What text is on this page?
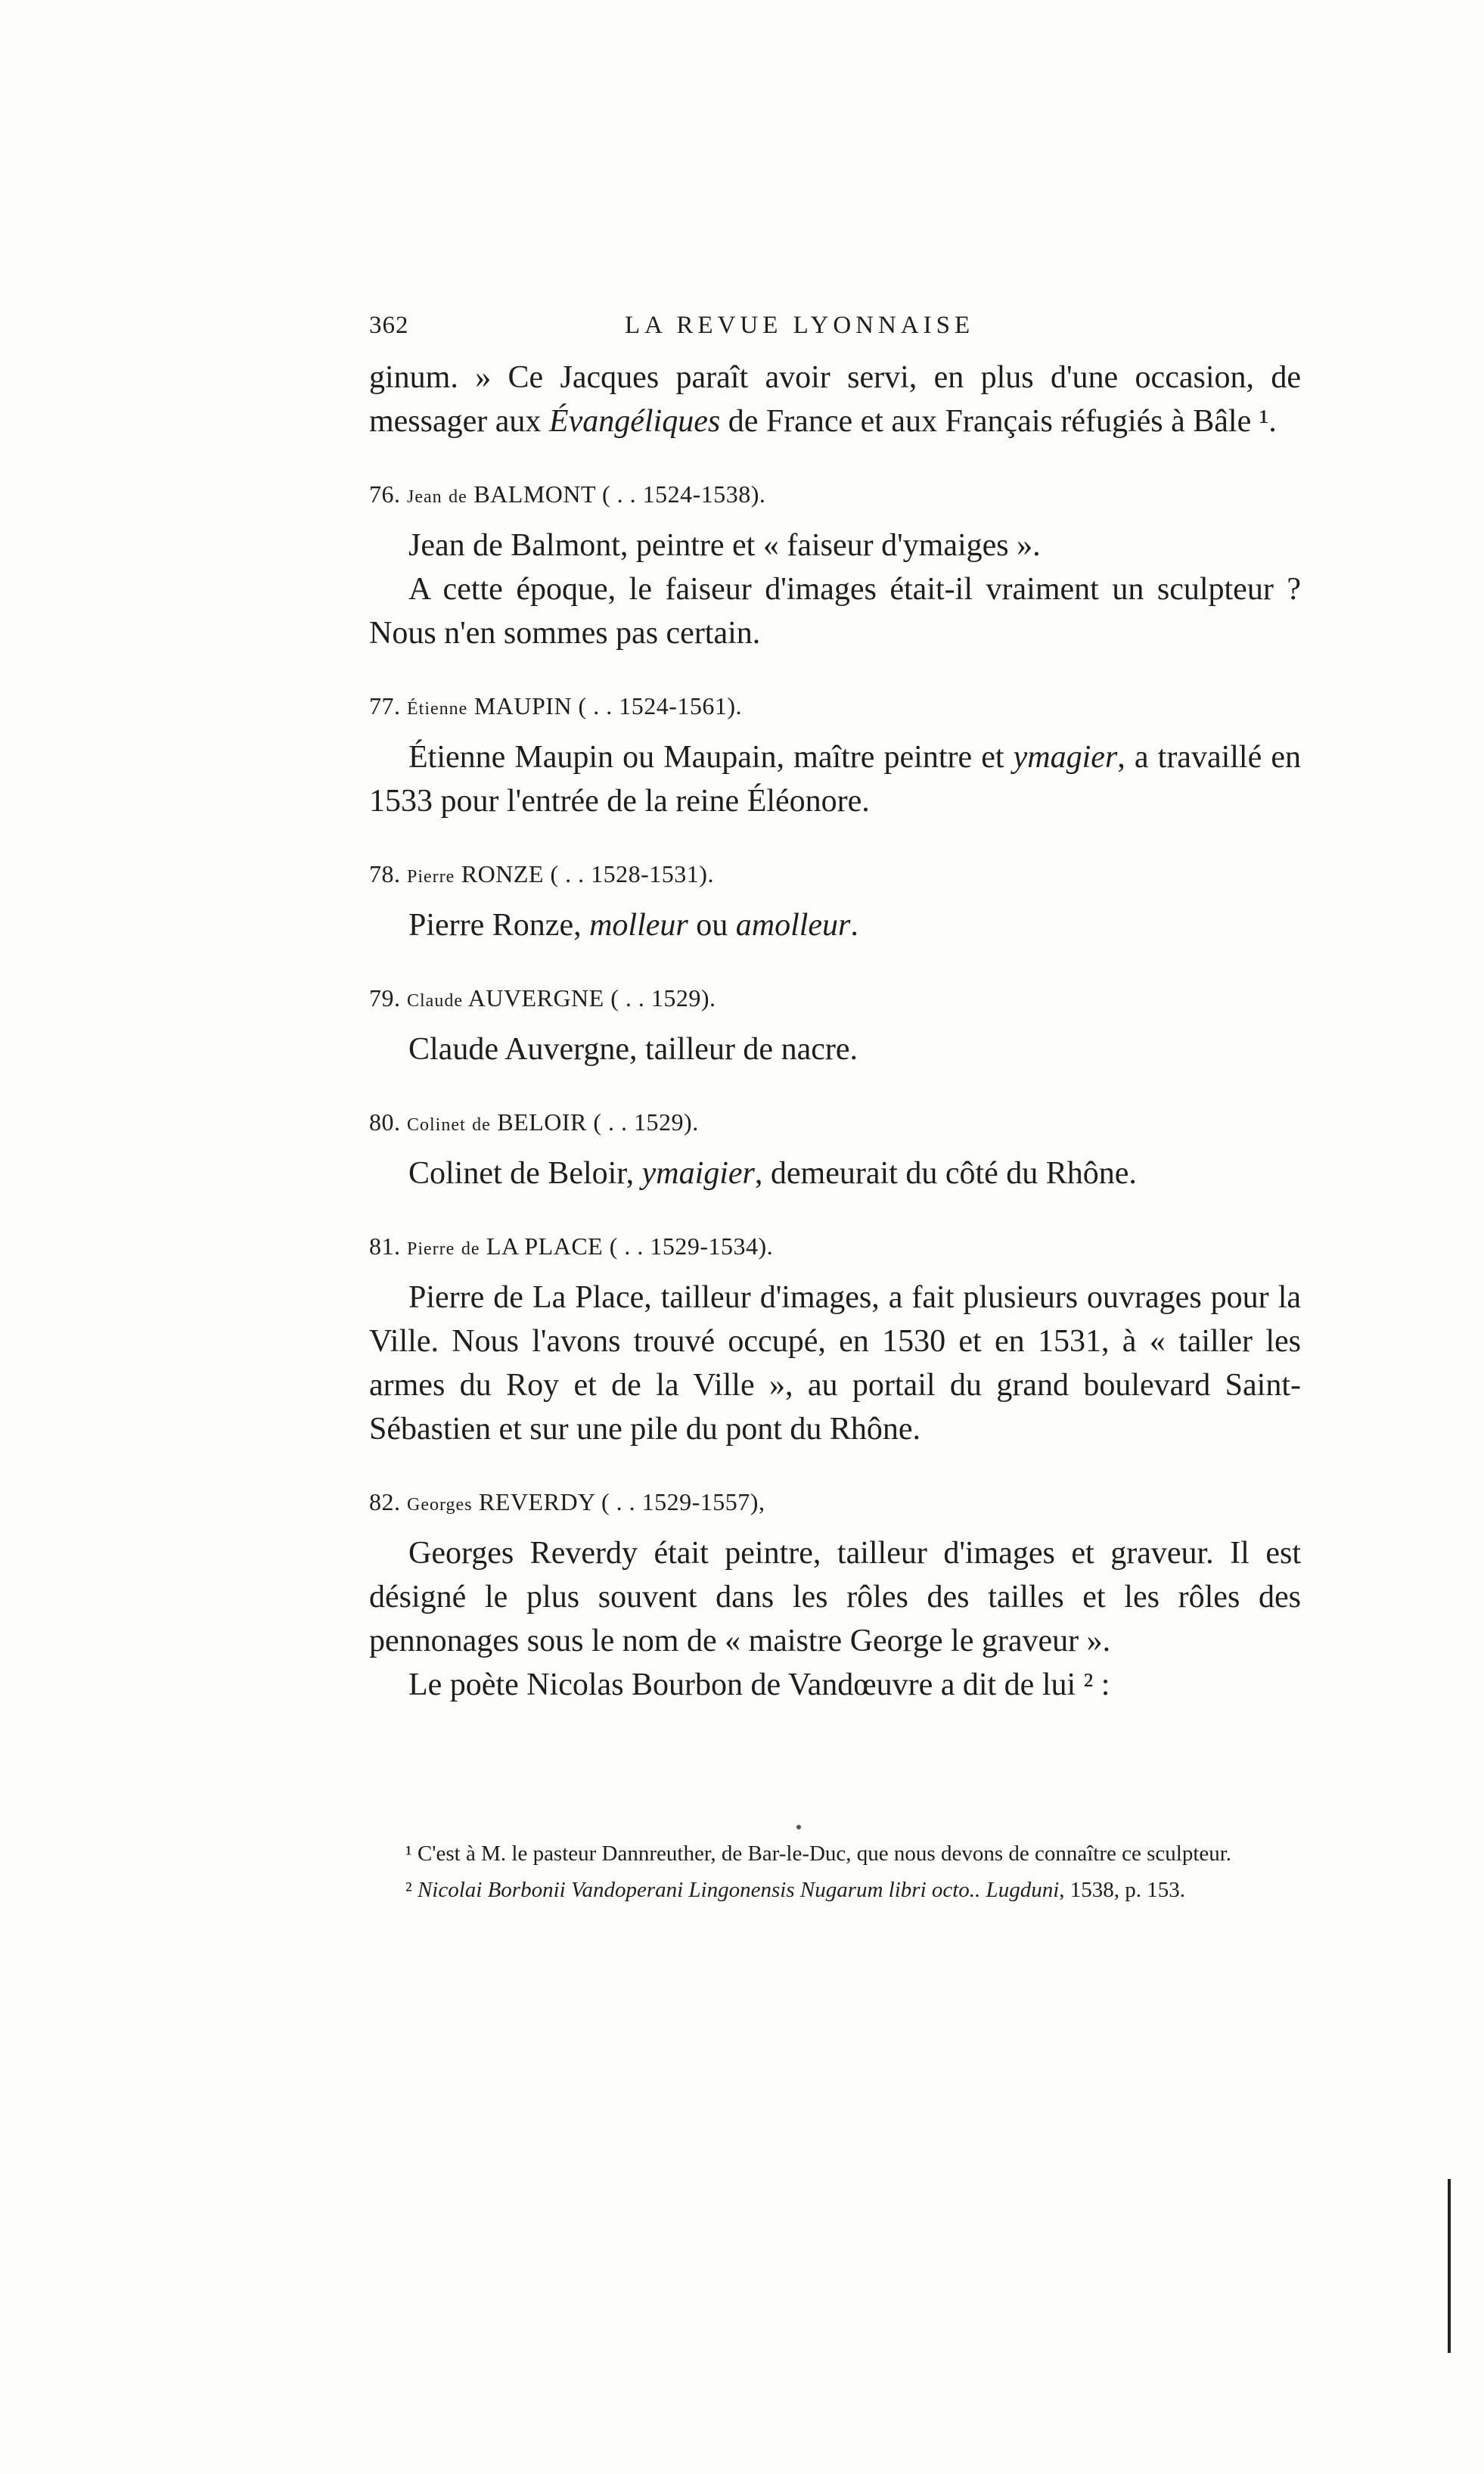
362	LA REVUE LYONNAISE

ginum. » Ce Jacques paraît avoir servi, en plus d'une occasion, de messager aux Évangéliques de France et aux Français réfugiés à Bâle ¹.

76. Jean de BALMONT ( . . 1524-1538).

Jean de Balmont, peintre et « faiseur d'ymaiges ».

A cette époque, le faiseur d'images était-il vraiment un sculpteur ? Nous n'en sommes pas certain.

77. Étienne MAUPIN ( . . 1524-1561).

Étienne Maupin ou Maupain, maître peintre et ymagier, a travaillé en 1533 pour l'entrée de la reine Éléonore.

78. Pierre RONZE ( . . 1528-1531).

Pierre Ronze, molleur ou amolleur.

79. Claude AUVERGNE ( . . 1529).

Claude Auvergne, tailleur de nacre.

80. Colinet de BELOIR ( . . 1529).

Colinet de Beloir, ymaigier, demeurait du côté du Rhône.

81. Pierre de LA PLACE ( . . 1529-1534).

Pierre de La Place, tailleur d'images, a fait plusieurs ouvrages pour la Ville. Nous l'avons trouvé occupé, en 1530 et en 1531, à « tailler les armes du Roy et de la Ville », au portail du grand boulevard Saint-Sébastien et sur une pile du pont du Rhône.

82. Georges REVERDY ( . . 1529-1557),

Georges Reverdy était peintre, tailleur d'images et graveur. Il est désigné le plus souvent dans les rôles des tailles et les rôles des pennonages sous le nom de « maistre George le graveur ».

Le poète Nicolas Bourbon de Vandœuvre a dit de lui ² :

¹ C'est à M. le pasteur Dannreuther, de Bar-le-Duc, que nous devons de connaître ce sculpteur.

² Nicolai Borbonii Vandoperani Lingonensis Nugarum libri octo.. Lugduni, 1538, p. 153.
